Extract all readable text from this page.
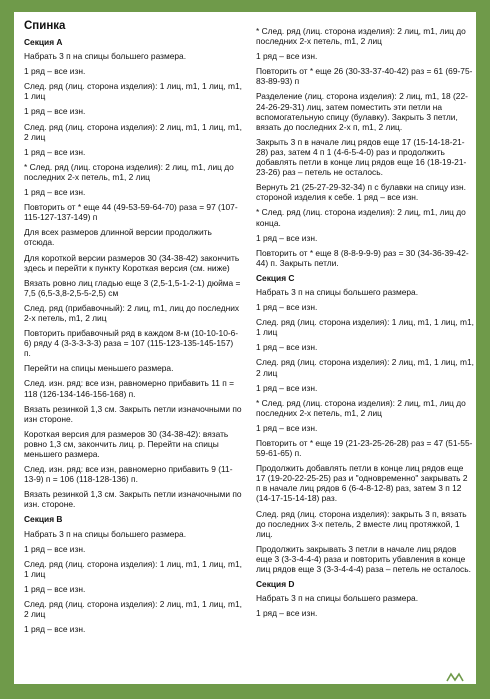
Спинка
Секция А
Набрать 3 п на спицы большего размера.
1 ряд – все изн.
След. ряд (лиц. сторона изделия): 1 лиц, m1, 1 лиц, m1, 1 лиц
1 ряд – все изн.
След. ряд (лиц. сторона изделия): 2 лиц, m1, 1 лиц, m1, 2 лиц
1 ряд – все изн.
* След. ряд (лиц. сторона изделия): 2 лиц, m1, лиц до последних 2-х петель, m1, 2 лиц
1 ряд – все изн.
Повторить от * еще 44 (49-53-59-64-70) раза = 97 (107-115-127-137-149) п
Для всех размеров длинной версии продолжить отсюда.
Для короткой версии размеров 30 (34-38-42) закончить здесь и перейти к пункту Короткая версия (см. ниже)
Вязать ровно лиц гладью еще 3 (2,5-1,5-1-2-1) дюйма = 7,5 (6,5-3,8-2,5-5-2,5) см
След. ряд (прибавочный): 2 лиц, m1, лиц до последних 2-х петель, m1, 2 лиц
Повторить прибавочный ряд в каждом 8-м (10-10-10-6-6) ряду 4 (3-3-3-3-3) раза = 107 (115-123-135-145-157) п.
Перейти на спицы меньшего размера.
След. изн. ряд: все изн, равномерно прибавить 11 п = 118 (126-134-146-156-168) п.
Вязать резинкой 1,3 см. Закрыть петли изначочными по изн стороне.
Короткая версия для размеров 30 (34-38-42): вязать ровно 1,3 см, закончить лиц. р. Перейти на спицы меньшего размера.
След. изн. ряд: все изн, равномерно прибавить 9 (11-13-9) п = 106 (118-128-136) п.
Вязать резинкой 1,3 см. Закрыть петли изначочными по изн. стороне.
Секция В
Набрать 3 п на спицы большего размера.
1 ряд – все изн.
След. ряд (лиц. сторона изделия): 1 лиц, m1, 1 лиц, m1, 1 лиц
1 ряд – все изн.
След. ряд (лиц. сторона изделия): 2 лиц, m1, 1 лиц, m1, 2 лиц
1 ряд – все изн.
* След. ряд (лиц. сторона изделия): 2 лиц, m1, лиц до последних 2-х петель, m1, 2 лиц
1 ряд – все изн.
Повторить от * еще 26 (30-33-37-40-42) раз = 61 (69-75-83-89-93) п
Разделение (лиц. сторона изделия): 2 лиц, m1, 18 (22-24-26-29-31) лиц, затем поместить эти петли на вспомогательную спицу (булавку). Закрыть 3 петли, вязать до последних 2-х п, m1, 2 лиц.
Закрыть 3 п в начале лиц рядов еще 17 (15-14-18-21-28) раз, затем 4 п 1 (4-6-5-4-0) раз и продолжить добавлять петли в конце лиц рядов еще 16 (18-19-21-23-26) раз – петель не осталось.
Вернуть 21 (25-27-29-32-34) п с булавки на спицу изн. стороной изделия к себе. 1 ряд – все изн.
* След. ряд (лиц. сторона изделия): 2 лиц, m1, лиц до конца.
1 ряд – все изн.
Повторить от * еще 8 (8-8-9-9-9) раз = 30 (34-36-39-42-44) п. Закрыть петли.
Секция С
Набрать 3 п на спицы большего размера.
1 ряд – все изн.
След. ряд (лиц. сторона изделия): 1 лиц, m1, 1 лиц, m1, 1 лиц
1 ряд – все изн.
След. ряд (лиц. сторона изделия): 2 лиц, m1, 1 лиц, m1, 2 лиц
1 ряд – все изн.
* След. ряд (лиц. сторона изделия): 2 лиц, m1, лиц до последних 2-х петель, m1, 2 лиц
1 ряд – все изн.
Повторить от * еще 19 (21-23-25-26-28) раз = 47 (51-55-59-61-65) п.
Продолжить добавлять петли в конце лиц рядов еще 17 (19-20-22-25-25) раз и "одновременно" закрывать 2 п в начале лиц рядов 6 (6-4-8-12-8) раз, затем 3 п 12 (14-17-15-14-18) раз.
След. ряд (лиц. сторона изделия): закрыть 3 п, вязать до последних 3-х петель, 2 вместе лиц протяжкой, 1 лиц.
Продолжить закрывать 3 петли в начале лиц рядов еще 3 (3-3-4-4-4) раза и повторить убавления в конце лиц рядов еще 3 (3-3-4-4-4) раза – петель не осталось.
Секция D
Набрать 3 п на спицы большего размера.
1 ряд – все изн.
